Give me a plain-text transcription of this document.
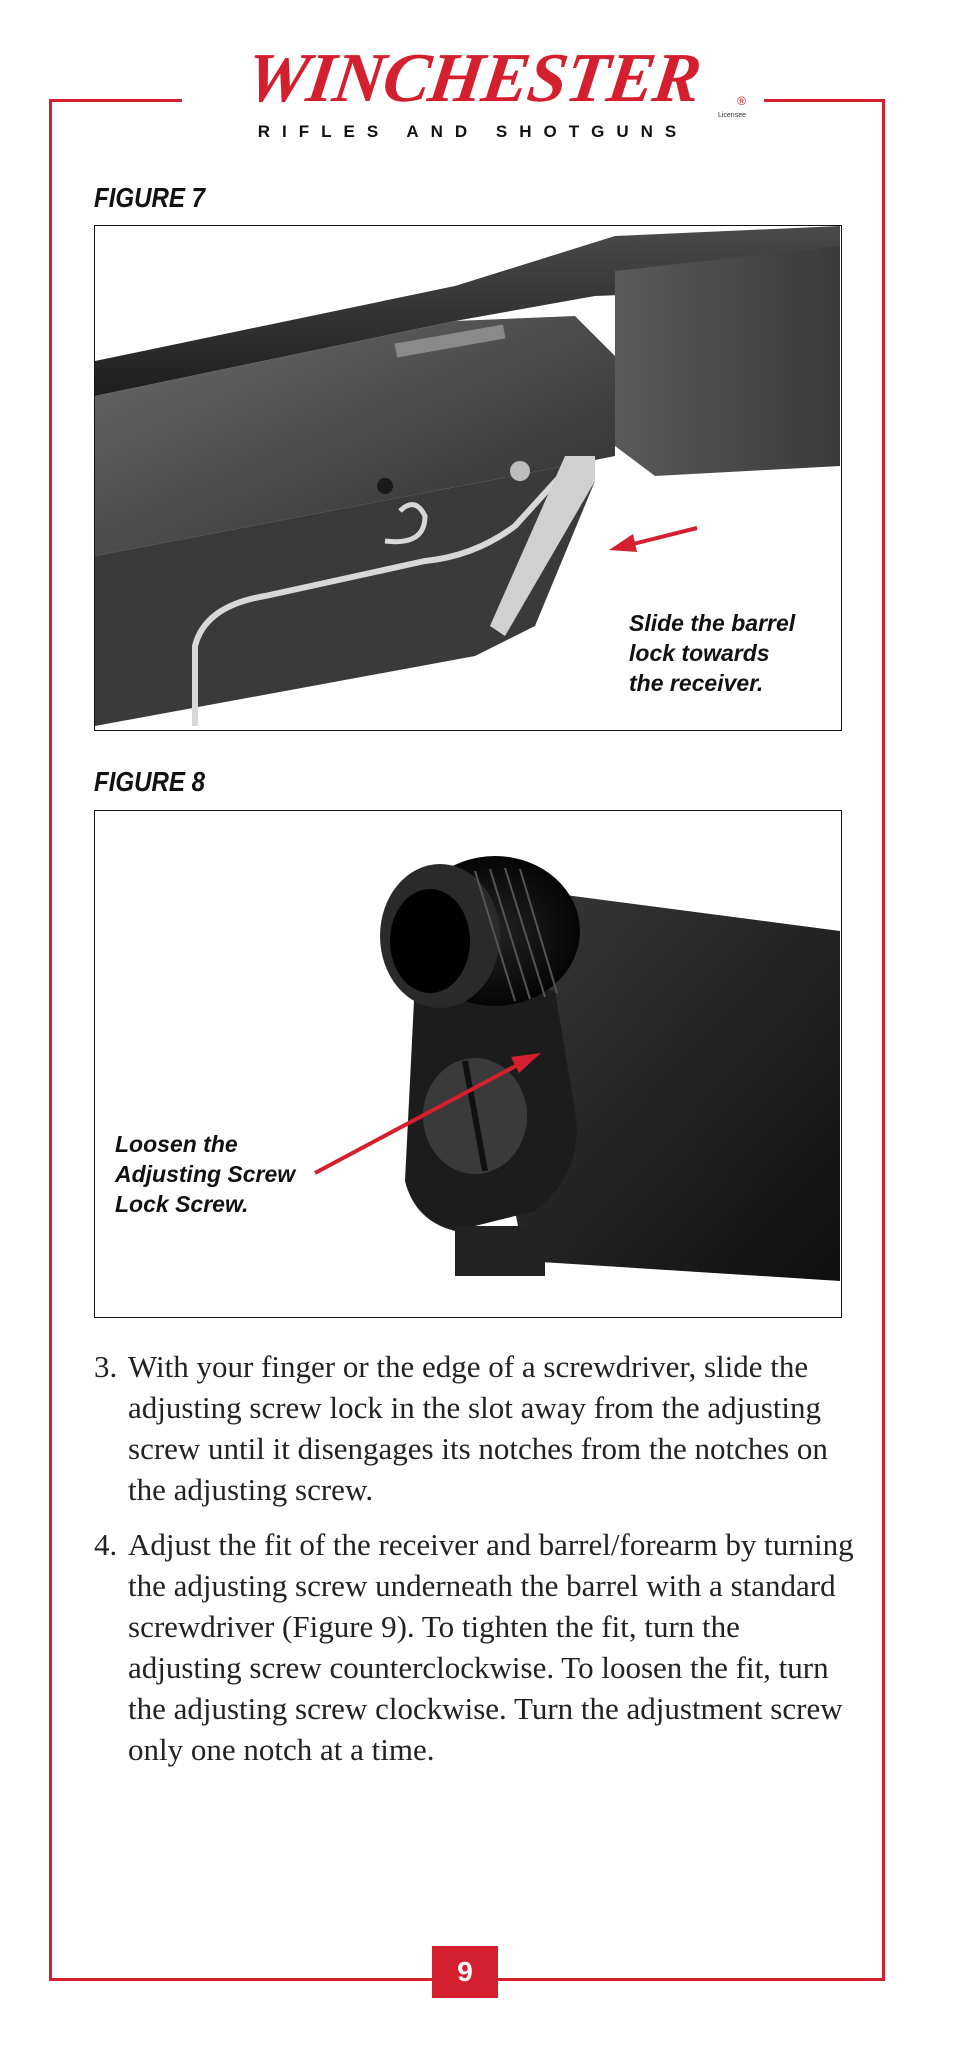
WINCHESTER	®
Licensee
RIFLES AND SHOTGUNS
FIGURE 7
Slide the barrel
lock towards
the receiver.
FIGURE 8
Loosen the
Adjusting Screw
Lock Screw.
3. With your finger or the edge of a screwdriver, slide the adjusting screw lock in the slot away from the adjusting screw until it disengages its notches from the notches on the adjusting screw.
4. Adjust the fit of the receiver and barrel/forearm by turning the adjusting screw underneath the barrel with a standard screwdriver (Figure 9). To tighten the fit, turn the adjusting screw counterclockwise. To loosen the fit, turn the adjusting screw clockwise. Turn the adjustment screw only one notch at a time.
9
